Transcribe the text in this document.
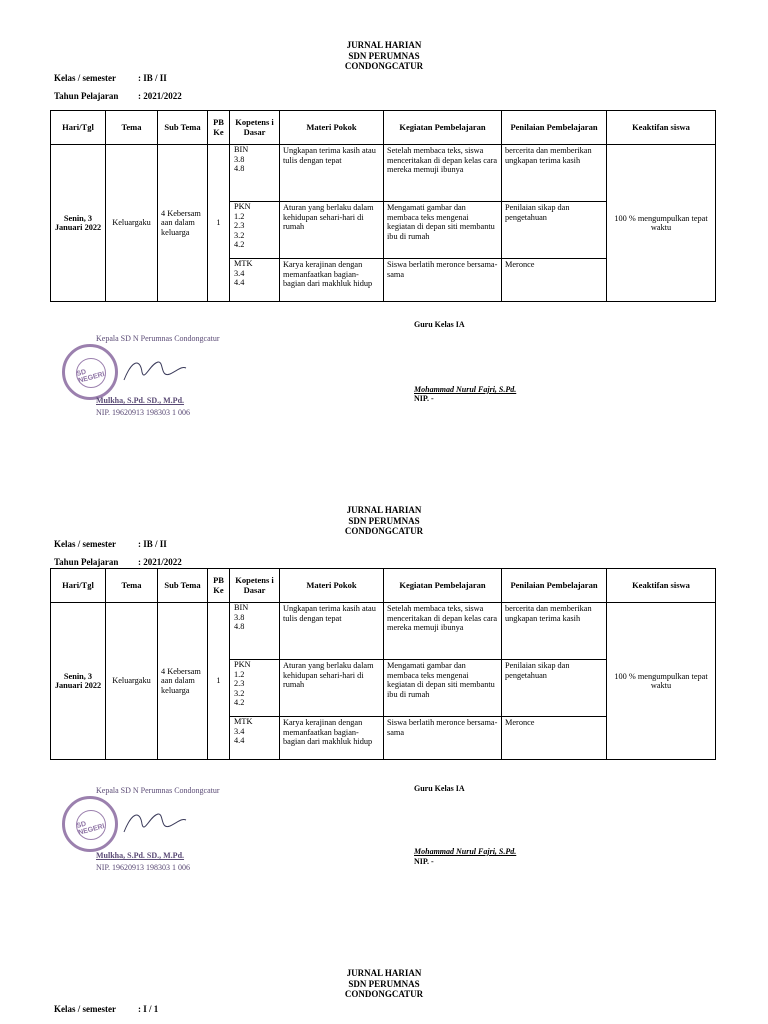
JURNAL HARIAN
SDN PERUMNAS
CONDONGCATUR
Kelas / semester : IB / II
Tahun Pelajaran : 2021/2022
Hari/Tgl	Tema	Sub Tema	PB Ke	Kopetens i Dasar	Materi Pokok	Kegiatan Pembelajaran	Penilaian Pembelajaran	Keaktifan siswa
Senin, 3 Januari 2022	Keluargaku	4 Kebersam aan dalam keluarga	1	BIN
3.8
4.8	Ungkapan terima kasih atau tulis dengan tepat	Setelah membaca teks, siswa menceritakan di depan kelas cara mereka memuji ibunya	bercerita dan memberikan ungkapan terima kasih	100 % mengumpulkan tepat waktu
				PKN
1.2
2.3
3.2
4.2	Aturan yang berlaku dalam kehidupan sehari-hari di rumah	Mengamati gambar dan membaca teks mengenai kegiatan di depan siti membantu ibu di rumah	Penilaian sikap dan pengetahuan	
				MTK
3.4
4.4	Karya kerajinan dengan memanfaatkan bagian-bagian dari makhluk hidup	Siswa berlatih meronce bersama-sama	Meronce	
Kepala SD N Perumnas Condongcatur
SD NEGERI
Mulkha, S.Pd. SD., M.Pd.
NIP. 19620913 198303 1 006
Guru Kelas IA
Mohammad Nurul Fajri, S.Pd.
NIP. -
JURNAL HARIAN
SDN PERUMNAS
CONDONGCATUR
Kelas / semester : IB / II
Tahun Pelajaran : 2021/2022
Hari/Tgl	Tema	Sub Tema	PB Ke	Kopetens i Dasar	Materi Pokok	Kegiatan Pembelajaran	Penilaian Pembelajaran	Keaktifan siswa
Senin, 3 Januari 2022	Keluargaku	4 Kebersam aan dalam keluarga	1	BIN
3.8
4.8	Ungkapan terima kasih atau tulis dengan tepat	Setelah membaca teks, siswa menceritakan di depan kelas cara mereka memuji ibunya	bercerita dan memberikan ungkapan terima kasih	100 % mengumpulkan tepat waktu
				PKN
1.2
2.3
3.2
4.2	Aturan yang berlaku dalam kehidupan sehari-hari di rumah	Mengamati gambar dan membaca teks mengenai kegiatan di depan siti membantu ibu di rumah	Penilaian sikap dan pengetahuan	
				MTK
3.4
4.4	Karya kerajinan dengan memanfaatkan bagian-bagian dari makhluk hidup	Siswa berlatih meronce bersama-sama	Meronce	
Kepala SD N Perumnas Condongcatur
SD NEGERI
Mulkha, S.Pd. SD., M.Pd.
NIP. 19620913 198303 1 006
Guru Kelas IA
Mohammad Nurul Fajri, S.Pd.
NIP. -
JURNAL HARIAN
SDN PERUMNAS
CONDONGCATUR
Kelas / semester : I / 1
